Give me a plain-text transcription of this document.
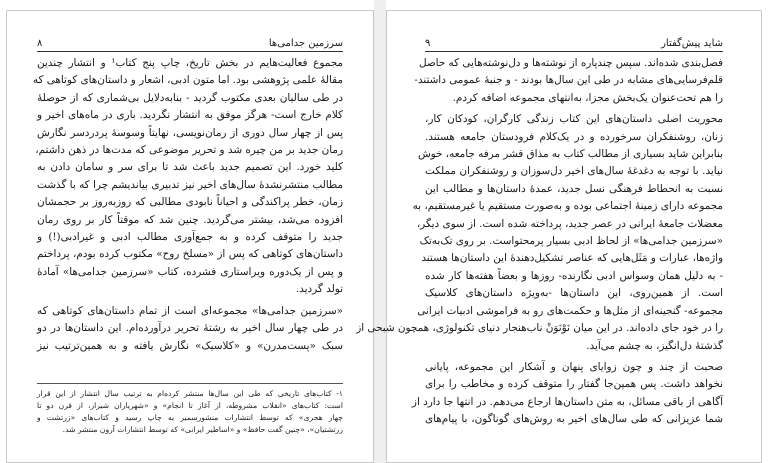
٨	سرزمین جدامی‌ها
مجموع فعالیت‌هایم در بخش تاریخ، چاپ پنج کتاب¹ و انتشار چندین
مقالهٔ علمی پژوهشی بود. اما متون ادبی، اشعار و داستان‌های کوتاهی که
در طی سالیان بعدی مکتوب گردید - بنابه‌دلایل بی‌شماری که از حوصلهٔ
کلام خارج است- هرگز موفق به انتشار نگردید. باری در ماه‌های اخیر و
پس از چهار سال دوری از رمان‌نویسی، نهایتاً وسوسهٔ پردردسر نگارش
رمان جدید بر من چیره شد و تحریر موضوعی که مدت‌ها در ذهن داشتم،
کلید خورد. این تصمیم جدید باعث شد تا برای سر و سامان دادن به
مطالب منتشرنشدهٔ سال‌های اخیر نیز تدبیری بیاندیشم چرا که با گذشت
زمان، خطر پراکندگی و احیاناً نابودی مطالبی که روزبه‌روز بر حجمشان
افزوده می‌شد، بیشتر می‌گردید. چنین شد که موقتاً کار بر روی رمان
جدید را متوقف کرده و به جمع‌آوری مطالب ادبی و غیرادبی(!) و
داستان‌های کوتاهی که پس از «مسلخ روح» مکتوب کرده بودم، پرداختم
و پس از یک‌دوره ویراستاری فشرده، کتاب «سرزمین جدامی‌ها» آمادهٔ
تولد گردید.
«سرزمین جدامی‌ها» مجموعه‌ای است از تمام داستان‌های کوتاهی که
در طی چهار سال اخیر به رشتهٔ تحریر درآورده‌ام. این داستان‌ها در دو
سبک «پست‌مدرن» و «کلاسیک» نگارش یافته و به همین‌ترتیب نیز
۱- کتاب‌های تاریخی که طی این سال‌ها منتشر کرده‌ام به ترتیب سال انتشار از این قرار
است: کتاب‌های «انقلاب مشروطه، از آغاز تا انجام» و «شهریاران شیراز، از قرن دو تا
چهار هجری» که توسط انتشارات منشورسمیر به چاپ رسید و کتاب‌های «زرتشت و
زرتشتیان»، «چنین گفت حافظ» و «اساطیر ایرانی» که توسط انتشارات آرون منتشر شد.
٩	شاید پیش‌گفتار
فصل‌بندی شده‌اند. سپس چندپاره از نوشته‌ها و دل‌نوشته‌هایی که حاصل
قلم‌فرسایی‌های مشابه در طی این سال‌ها بودند - و جنبهٔ عمومی داشتند-
را هم تحت‌عنوان یک‌بخش مجزا، به‌انتهای مجموعه اضافه کردم.
محوریت اصلی داستان‌های این کتاب زندگی کارگران، کودکان کار،
زنان، روشنفکران سرخورده و در یک‌کلام فرودستان جامعه هستند.
بنابراین شاید بسیاری از مطالب کتاب به مذاق قشر مرفه جامعه، خوش
نیاید. با توجه به دغدغهٔ سال‌های اخیر دل‌سوزان و روشنفکران مملکت
نسبت به انحطاط فرهنگی نسل جدید، عمدهٔ داستان‌ها و مطالب این
مجموعه دارای زمینهٔ اجتماعی بوده و به‌صورت مستقیم یا غیرمستقیم، به
معضلات جامعهٔ ایرانی در عصر جدید، پرداخته شده است. از سوی دیگر،
«سرزمین جدامی‌ها» از لحاظ ادبی بسیار پرمحتواست. بر روی تک‌به‌تک
واژه‌ها، عبارات و مَثَل‌هایی که عناصر تشکیل‌دهندهٔ این داستان‌ها هستند
- به دلیل همان وسواس ادبی نگارنده- روزها و بعضاً هفته‌ها کار شده
است. از همین‌روی، این داستان‌ها -به‌ویژه داستان‌های کلاسیک
مجموعه- گنجینه‌ای از مثل‌ها و حکمت‌های رو به فراموشی ادبیات ایرانی
را در خود جای داده‌اند. در این میان نَوْنَوَنْ ناب‌هنجار دنیای تکنولوژی، همچون شبحی از
گذشتهٔ دل‌انگیز، به چشم می‌آید.
صحبت از چند و چون زوایای پنهان و آشکار این مجموعه، پایانی
نخواهد داشت. پس همین‌جا گفتار را متوقف کرده و مخاطب را برای
آگاهی از باقی مسائل، به متن داستان‌ها ارجاع می‌دهم. در انتها جا دارد از
شما عزیزانی که طی سال‌های اخیر به روش‌های گوناگون، با پیام‌های
